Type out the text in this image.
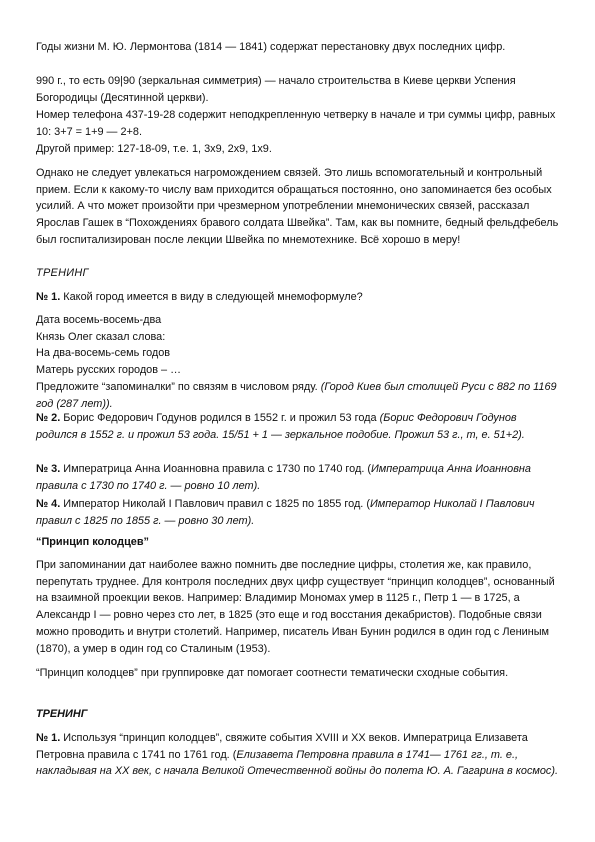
Годы жизни М. Ю. Лермонтова (1814 — 1841) содержат перестановку двух последних цифр.

990 г., то есть 09|90 (зеркальная симметрия) — начало строительства в Киеве церкви Успения Богородицы (Десятинной церкви).

Номер телефона 437-19-28 содержит неподкрепленную четверку в начале и три суммы цифр, равных 10: 3+7 = 1+9 — 2+8.

Другой пример: 127-18-09, т.е. 1, 3х9, 2х9, 1х9.

Однако не следует увлекаться нагромождением связей. Это лишь вспомогательный и контрольный прием. Если к какому-то числу вам приходится обращаться постоянно, оно запоминается без особых усилий. А что может произойти при чрезмерном употреблении мнемонических связей, рассказал Ярослав Гашек в “Похождениях бравого солдата Швейка”. Там, как вы помните, бедный фельдфебель был госпитализирован после лекции Швейка по мнемотехнике. Всё хорошо в меру!

ТРЕНИНГ

№ 1. Какой город имеется в виду в следующей мнемоформуле?

Дата восемь-восемь-два
Князь Олег сказал слова:
На два-восемь-семь годов
Матерь русских городов – …
Предложите “запоминалки” по связям в числовом ряду. (Город Киев был столицей Руси с 882 по 1169 год (287 лет)).

№ 2. Борис Федорович Годунов родился в 1552 г. и прожил 53 года (Борис Федорович Годунов родился в 1552 г. и прожил 53 года. 15/51 + 1 — зеркальное подобие. Прожил 53 г., т, е. 51+2).

№ 3. Императрица Анна Иоанновна правила с 1730 по 1740 год. (Императрица Анна Иоанновна правила с 1730 по 1740 г. — ровно 10 лет).

№ 4. Император Николай I Павлович правил с 1825 по 1855 год. (Император Николай I Павлович правил с 1825 по 1855 г. — ровно 30 лет).

“Принцип колодцев”

При запоминании дат наиболее важно помнить две последние цифры, столетия же, как правило, перепутать труднее. Для контроля последних двух цифр существует “принцип колодцев”, основанный на взаимной проекции веков. Например: Владимир Мономах умер в 1125 г., Петр 1 — в 1725, а Александр I — ровно через сто лет, в 1825 (это еще и год восстания декабристов). Подобные связи можно проводить и внутри столетий. Например, писатель Иван Бунин родился в один год с Лениным (1870), а умер в один год со Сталиным (1953).

“Принцип колодцев” при группировке дат помогает соотнести тематически сходные события.

ТРЕНИНГ

№ 1. Используя “принцип колодцев”, свяжите события XVIII и XX веков. Императрица Елизавета Петровна правила с 1741 по 1761 год. (Елизавета Петровна правила в 1741— 1761 гг., т. е., накладывая на XX век, с начала Великой Отечественной войны до полета Ю. А. Гагарина в космос).
